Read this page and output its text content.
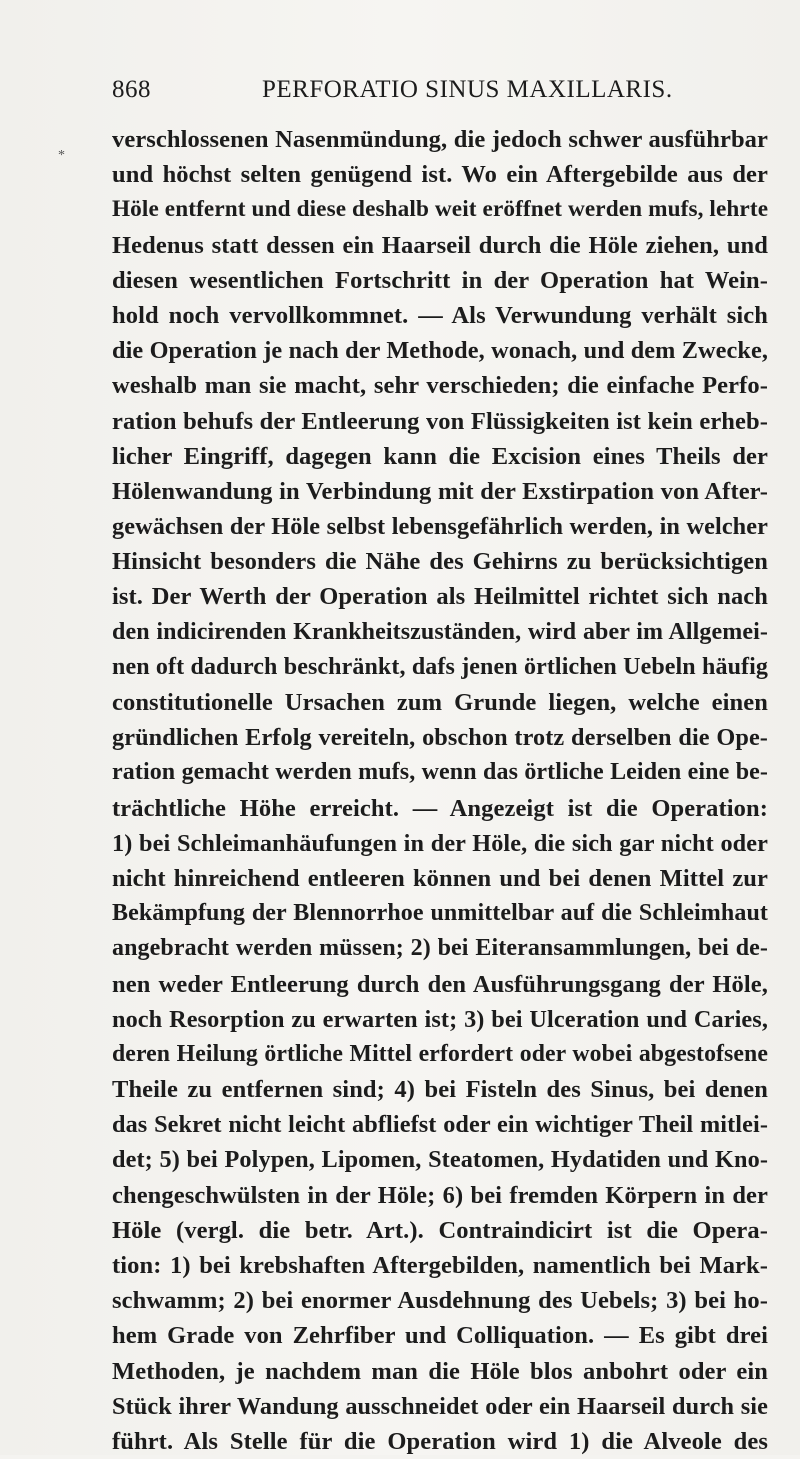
868	PERFORATIO SINUS MAXILLARIS.
*
verschlossenen Nasenmündung, die jedoch schwer ausführbar
und höchst selten genügend ist. Wo ein Aftergebilde aus der
Höle entfernt und diese deshalb weit eröffnet werden mufs, lehrte
Hedenus statt dessen ein Haarseil durch die Höle ziehen, und
diesen wesentlichen Fortschritt in der Operation hat Wein-
hold noch vervollkommnet. — Als Verwundung verhält sich
die Operation je nach der Methode, wonach, und dem Zwecke,
weshalb man sie macht, sehr verschieden; die einfache Perfo-
ration behufs der Entleerung von Flüssigkeiten ist kein erheb-
licher Eingriff, dagegen kann die Excision eines Theils der
Hölenwandung in Verbindung mit der Exstirpation von After-
gewächsen der Höle selbst lebensgefährlich werden, in welcher
Hinsicht besonders die Nähe des Gehirns zu berücksichtigen
ist. Der Werth der Operation als Heilmittel richtet sich nach
den indicirenden Krankheitszuständen, wird aber im Allgemei-
nen oft dadurch beschränkt, dafs jenen örtlichen Uebeln häufig
constitutionelle Ursachen zum Grunde liegen, welche einen
gründlichen Erfolg vereiteln, obschon trotz derselben die Ope-
ration gemacht werden mufs, wenn das örtliche Leiden eine be-
trächtliche Höhe erreicht. — Angezeigt ist die Operation:
1) bei Schleimanhäufungen in der Höle, die sich gar nicht oder
nicht hinreichend entleeren können und bei denen Mittel zur
Bekämpfung der Blennorrhoe unmittelbar auf die Schleimhaut
angebracht werden müssen; 2) bei Eiteransammlungen, bei de-
nen weder Entleerung durch den Ausführungsgang der Höle,
noch Resorption zu erwarten ist; 3) bei Ulceration und Caries,
deren Heilung örtliche Mittel erfordert oder wobei abgestofsene
Theile zu entfernen sind; 4) bei Fisteln des Sinus, bei denen
das Sekret nicht leicht abfliefst oder ein wichtiger Theil mitlei-
det; 5) bei Polypen, Lipomen, Steatomen, Hydatiden und Kno-
chengeschwülsten in der Höle; 6) bei fremden Körpern in der
Höle (vergl. die betr. Art.). Contraindicirt ist die Opera-
tion: 1) bei krebshaften Aftergebilden, namentlich bei Mark-
schwamm; 2) bei enormer Ausdehnung des Uebels; 3) bei ho-
hem Grade von Zehrfiber und Colliquation. — Es gibt drei
Methoden, je nachdem man die Höle blos anbohrt oder ein
Stück ihrer Wandung ausschneidet oder ein Haarseil durch sie
führt. Als Stelle für die Operation wird 1) die Alveole des
